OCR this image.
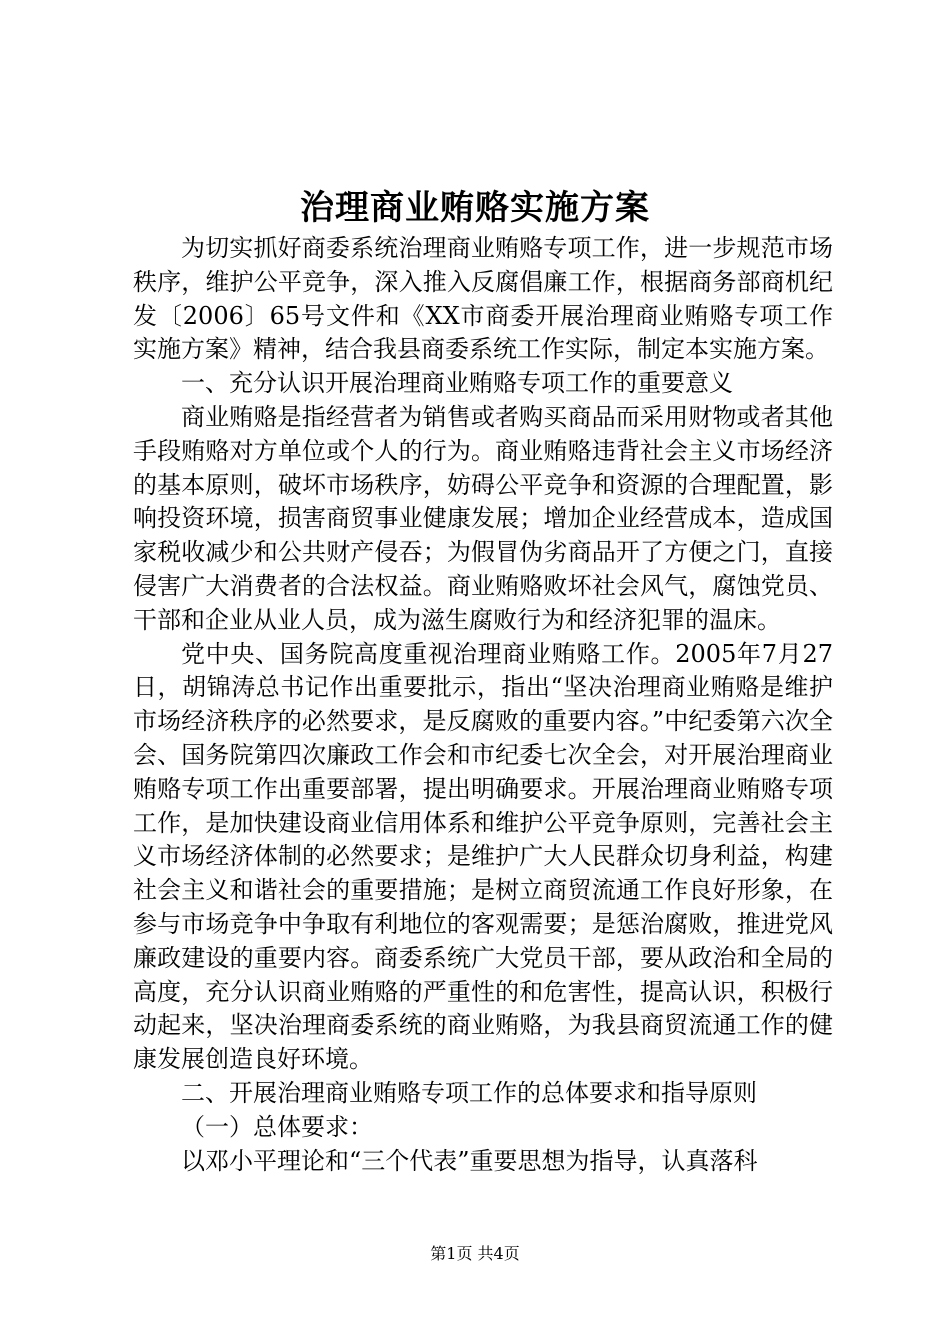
治理商业贿赂实施方案

为切实抓好商委系统治理商业贿赂专项工作，进一步规范市场秩序，维护公平竞争，深入推入反腐倡廉工作，根据商务部商机纪发〔2006〕65号文件和《XX市商委开展治理商业贿赂专项工作实施方案》精神，结合我县商委系统工作实际，制定本实施方案。

一、充分认识开展治理商业贿赂专项工作的重要意义

商业贿赂是指经营者为销售或者购买商品而采用财物或者其他手段贿赂对方单位或个人的行为。商业贿赂违背社会主义市场经济的基本原则，破坏市场秩序，妨碍公平竞争和资源的合理配置，影响投资环境，损害商贸事业健康发展；增加企业经营成本，造成国家税收减少和公共财产侵吞；为假冒伪劣商品开了方便之门，直接侵害广大消费者的合法权益。商业贿赂败坏社会风气，腐蚀党员、干部和企业从业人员，成为滋生腐败行为和经济犯罪的温床。

党中央、国务院高度重视治理商业贿赂工作。2005年7月27日，胡锦涛总书记作出重要批示，指出“坚决治理商业贿赂是维护市场经济秩序的必然要求，是反腐败的重要内容。”中纪委第六次全会、国务院第四次廉政工作会和市纪委七次全会，对开展治理商业贿赂专项工作出重要部署，提出明确要求。开展治理商业贿赂专项工作，是加快建设商业信用体系和维护公平竞争原则，完善社会主义市场经济体制的必然要求；是维护广大人民群众切身利益，构建社会主义和谐社会的重要措施；是树立商贸流通工作良好形象，在参与市场竞争中争取有利地位的客观需要；是惩治腐败，推进党风廉政建设的重要内容。商委系统广大党员干部，要从政治和全局的高度，充分认识商业贿赂的严重性的和危害性，提高认识，积极行动起来，坚决治理商委系统的商业贿赂，为我县商贸流通工作的健康发展创造良好环境。

二、开展治理商业贿赂专项工作的总体要求和指导原则

（一）总体要求：

以邓小平理论和“三个代表”重要思想为指导，认真落科

第1页 共4页
